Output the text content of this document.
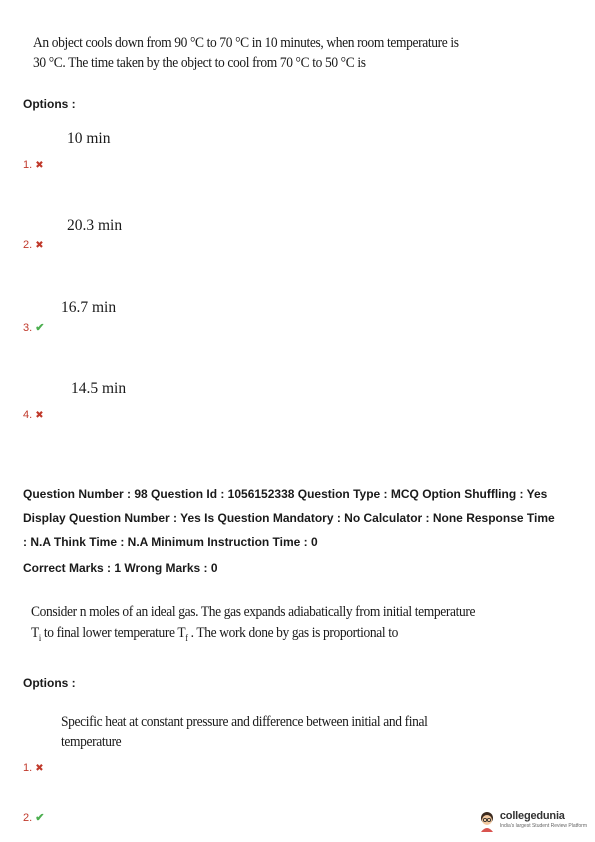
An object cools down from 90 °C to 70 °C in 10 minutes, when room temperature is
30 °C. The time taken by the object to cool from 70 °C to 50 °C is
Options :
10 min
1. ✖
20.3 min
2. ✖
16.7 min
3. ✔
14.5 min
4. ✖
Question Number : 98 Question Id : 1056152338 Question Type : MCQ Option Shuffling : Yes
Display Question Number : Yes Is Question Mandatory : No Calculator : None Response Time
: N.A Think Time : N.A Minimum Instruction Time : 0
Correct Marks : 1 Wrong Marks : 0
Consider n moles of an ideal gas. The gas expands adiabatically from initial temperature
$T_i$ to final lower temperature $T_f$ . The work done by gas is proportional to
Options :
Specific heat at constant pressure and difference between initial and final
temperature
1. ✖
2. ✔	collegedunia
India's largest Student Review Platform
